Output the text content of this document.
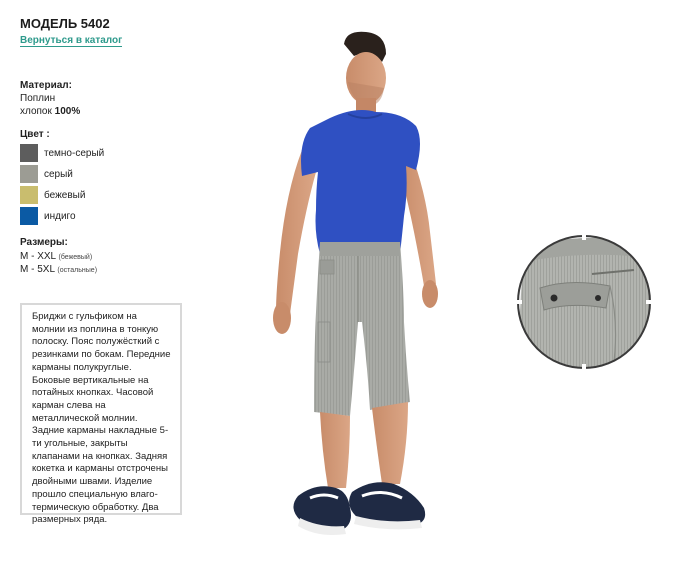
МОДЕЛЬ 5402
Вернуться в каталог
Материал:
Поплин
хлопок 100%
Цвет :
темно-серый
серый
бежевый
индиго
Размеры:
M - XXL (бежевый)
M - 5XL (остальные)
Бриджи с гульфиком на молнии из поплина в тонкую полоску. Пояс полужёсткий с резинками по бокам. Передние карманы полукруглые. Боковые вертикальные на потайных кнопках. Часовой карман слева на металлической молнии. Задние карманы накладные 5-ти угольные, закрыты клапанами на кнопках. Задняя кокетка и карманы отстрочены двойными швами. Изделие прошло специальную влаго-термическую обработку. Два размерных ряда.
